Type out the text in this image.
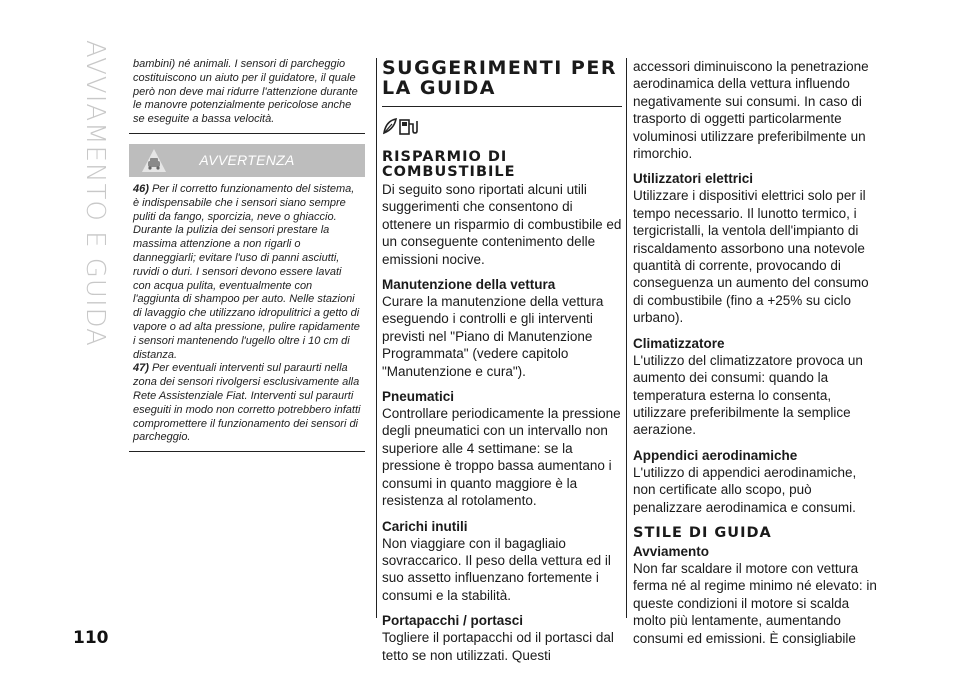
AVVIAMENTO E GUIDA
110
bambini) né animali. I sensori di parcheggio costituiscono un aiuto per il guidatore, il quale però non deve mai ridurre l'attenzione durante le manovre potenzialmente pericolose anche se eseguite a bassa velocità.
AVVERTENZA

46) Per il corretto funzionamento del sistema, è indispensabile che i sensori siano sempre puliti da fango, sporcizia, neve o ghiaccio. Durante la pulizia dei sensori prestare la massima attenzione a non rigarli o danneggiarli; evitare l'uso di panni asciutti, ruvidi o duri. I sensori devono essere lavati con acqua pulita, eventualmente con l'aggiunta di shampoo per auto. Nelle stazioni di lavaggio che utilizzano idropulitrici a getto di vapore o ad alta pressione, pulire rapidamente i sensori mantenendo l'ugello oltre i 10 cm di distanza.

47) Per eventuali interventi sul paraurti nella zona dei sensori rivolgersi esclusivamente alla Rete Assistenziale Fiat. Interventi sul paraurti eseguiti in modo non corretto potrebbero infatti compromettere il funzionamento dei sensori di parcheggio.

SUGGERIMENTI PER LA GUIDA
RISPARMIO DI COMBUSTIBILE

Di seguito sono riportati alcuni utili suggerimenti che consentono di ottenere un risparmio di combustibile ed un conseguente contenimento delle emissioni nocive.

Manutenzione della vettura

Curare la manutenzione della vettura eseguendo i controlli e gli interventi previsti nel "Piano di Manutenzione Programmata" (vedere capitolo "Manutenzione e cura").

Pneumatici

Controllare periodicamente la pressione degli pneumatici con un intervallo non superiore alle 4 settimane: se la pressione è troppo bassa aumentano i consumi in quanto maggiore è la resistenza al rotolamento.

Carichi inutili

Non viaggiare con il bagagliaio sovraccarico. Il peso della vettura ed il suo assetto influenzano fortemente i consumi e la stabilità.

Portapacchi / portasci

Togliere il portapacchi od il portasci dal tetto se non utilizzati. Questi

accessori diminuiscono la penetrazione aerodinamica della vettura influendo negativamente sui consumi. In caso di trasporto di oggetti particolarmente voluminosi utilizzare preferibilmente un rimorchio.

Utilizzatori elettrici

Utilizzare i dispositivi elettrici solo per il tempo necessario. Il lunotto termico, i tergicristalli, la ventola dell'impianto di riscaldamento assorbono una notevole quantità di corrente, provocando di conseguenza un aumento del consumo di combustibile (fino a +25% su ciclo urbano).

Climatizzatore

L'utilizzo del climatizzatore provoca un aumento dei consumi: quando la temperatura esterna lo consenta, utilizzare preferibilmente la semplice aerazione.

Appendici aerodinamiche

L'utilizzo di appendici aerodinamiche, non certificate allo scopo, può penalizzare aerodinamica e consumi.

STILE DI GUIDA
Avviamento

Non far scaldare il motore con vettura ferma né al regime minimo né elevato: in queste condizioni il motore si scalda molto più lentamente, aumentando consumi ed emissioni. È consigliabile
